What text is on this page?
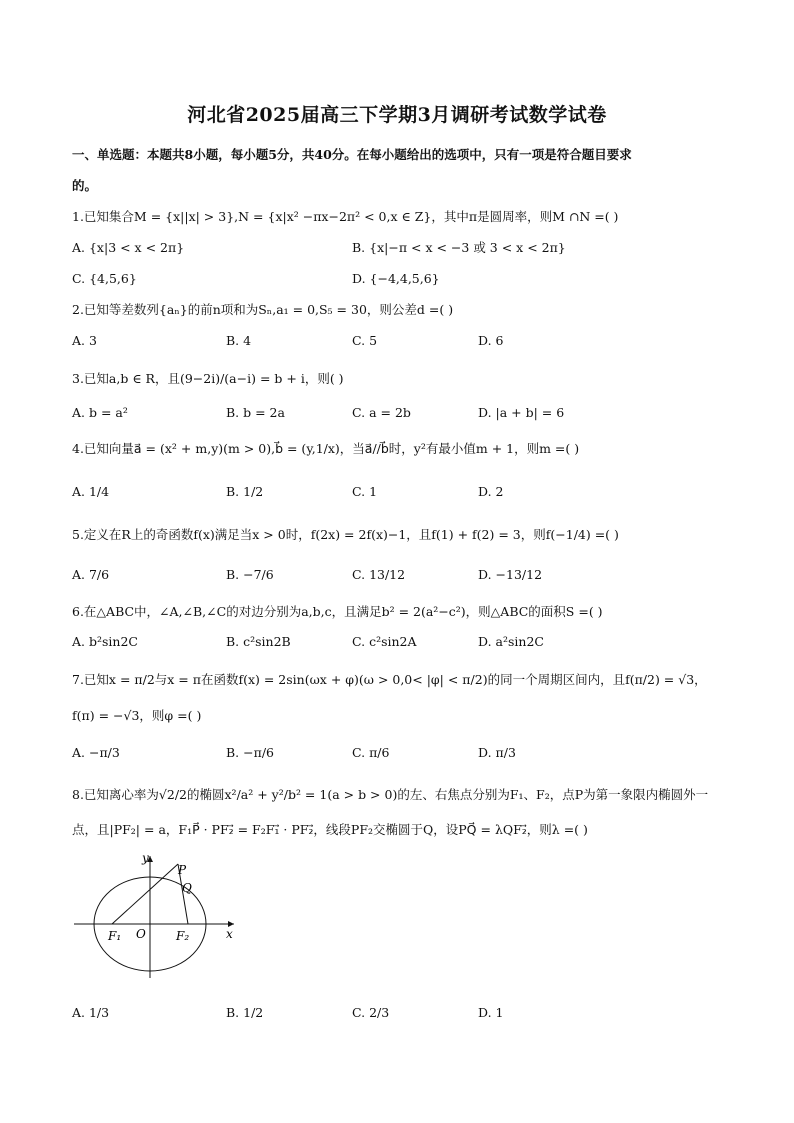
河北省2025届高三下学期3月调研考试数学试卷
一、单选题：本题共8小题，每小题5分，共40分。在每小题给出的选项中，只有一项是符合题目要求
的。
1.已知集合M = {x||x| > 3},N = {x|x² −πx−2π² < 0,x ∈ Z}，其中π是圆周率，则M ∩N =( )
A. {x|3 < x < 2π}	B. {x|−π < x < −3 或 3 < x < 2π}
C. {4,5,6}	D. {−4,4,5,6}
2.已知等差数列{aₙ}的前n项和为Sₙ,a₁ = 0,S₅ = 30，则公差d =( )
A. 3	B. 4	C. 5	D. 6
3.已知a,b ∈ R，且(9−2i)/(a−i) = b + i，则( )
A. b = a²	B. b = 2a	C. a = 2b	D. |a + b| = 6
4.已知向量a⃗ = (x² + m,y)(m > 0),b⃗ = (y,1/x)，当a⃗//b⃗时，y²有最小值m + 1，则m =( )
A. 1/4	B. 1/2	C. 1	D. 2
5.定义在R上的奇函数f(x)满足当x > 0时，f(2x) = 2f(x)−1，且f(1) + f(2) = 3，则f(−1/4) =( )
A. 7/6	B. −7/6	C. 13/12	D. −13/12
6.在△ABC中，∠A,∠B,∠C的对边分别为a,b,c，且满足b² = 2(a²−c²)，则△ABC的面积S =( )
A. b²sin2C	B. c²sin2B	C. c²sin2A	D. a²sin2C
7.已知x = π/2与x = π在函数f(x) = 2sin(ωx + φ)(ω > 0,0< |φ| < π/2)的同一个周期区间内，且f(π/2) = √3，
f(π) = −√3，则φ =( )
A. −π/3	B. −π/6	C. π/6	D. π/3
8.已知离心率为√2/2的椭圆x²/a² + y²/b² = 1(a > b > 0)的左、右焦点分别为F₁、F₂，点P为第一象限内椭圆外一
点，且|PF₂| = a，F₁P⃗ · PF₂⃗ = F₂F₁⃗ · PF₂⃗，线段PF₂交椭圆于Q，设PQ⃗ = λQF₂⃗，则λ =( )
y
x
P
Q
F₁ O	F₂
A. 1/3	B. 1/2	C. 2/3	D. 1
